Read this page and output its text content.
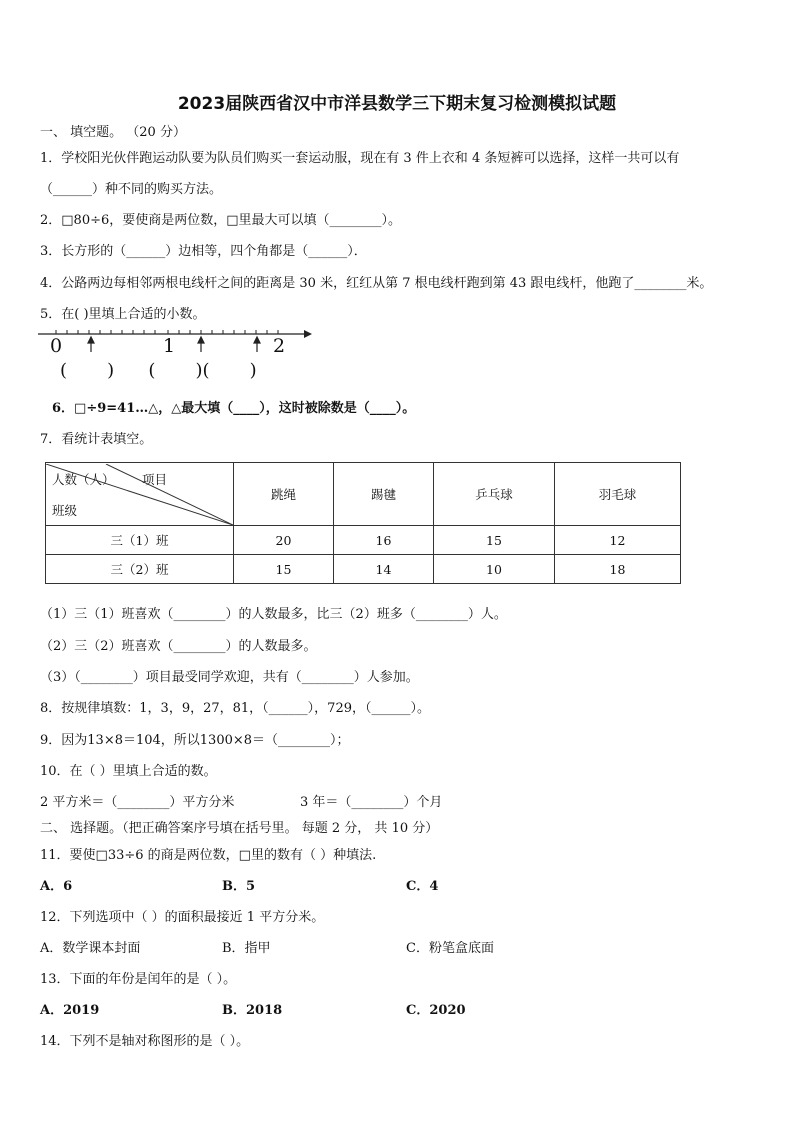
2023届陕西省汉中市洋县数学三下期末复习检测模拟试题
一、 填空题。 （20 分）
1．学校阳光伙伴跑运动队要为队员们购买一套运动服，现在有 3 件上衣和 4 条短裤可以选择，这样一共可以有
（______）种不同的购买方法。
2．□80÷6，要使商是两位数，□里最大可以填（________）。
3．长方形的（______）边相等，四个角都是（______）．
4．公路两边每相邻两根电线杆之间的距离是 30 米，红红从第 7 根电线杆跑到第 43 跟电线杆，他跑了________米。
5．在( )里填上合适的小数。
0	1	2
(       )      (       )(       )
6．□÷9=41…△，△最大填（____），这时被除数是（____）。
7．看统计表填空。
人数（人） 项目
班级	跳绳	踢毽	乒乓球	羽毛球
三（1）班	20	16	15	12
三（2）班	15	14	10	18
（1）三（1）班喜欢（________）的人数最多，比三（2）班多（________）人。
（2）三（2）班喜欢（________）的人数最多。
（3）（________）项目最受同学欢迎，共有（________）人参加。
8．按规律填数：1，3，9，27，81，（______），729，（______）。
9．因为13×8＝104，所以1300×8＝（________）；
10．在（ ）里填上合适的数。
2 平方米＝（________）平方分米	3 年＝（________）个月
二、 选择题。（把正确答案序号填在括号里。 每题 2 分， 共 10 分）
11．要使□33÷6 的商是两位数，□里的数有（ ）种填法.
A．6	B．5	C．4
12．下列选项中（ ）的面积最接近 1 平方分米。
A．数学课本封面	B．指甲	C．粉笔盒底面
13．下面的年份是闰年的是（ ）。
A．2019	B．2018	C．2020
14．下列不是轴对称图形的是（ ）。
